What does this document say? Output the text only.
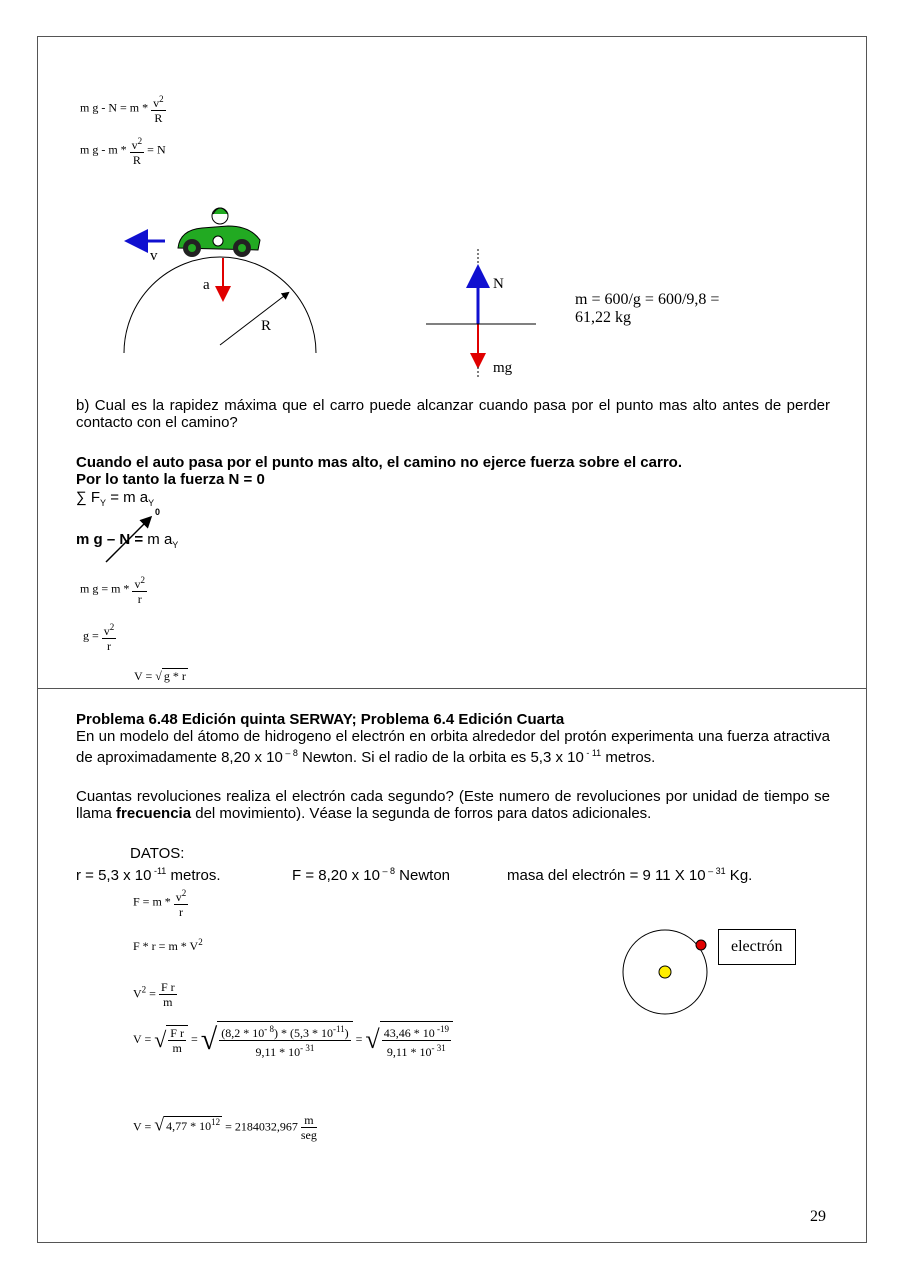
m $g - N = m * \frac{v^2}{R}$
m $g - m * \frac{v^2}{R} = N$
v
a
R
1
N
mg
m = 600/g = 600/9,8 =
61,22 kg
b) Cual es la rapidez máxima que el carro puede alcanzar cuando pasa por el punto mas alto antes de perder contacto con el camino?
Cuando el auto pasa por el punto mas alto, el camino no ejerce fuerza sobre el carro.
Por lo tanto la fuerza N = 0
∑ $F_Y = m$ $a_Y$
0
m g – N = m $a_Y$
m $g = m * \frac{v^2}{r}$
$g = \frac{v^2}{r}$
V = √ g * r
Problema 6.48 Edición quinta SERWAY; Problema 6.4 Edición Cuarta
En un modelo del átomo de hidrogeno el electrón en orbita alrededor del protón experimenta una fuerza atractiva de aproximadamente 8,20 x 10 $^{- 8}$ Newton. Si el radio de la orbita es 5,3 x 10 $^{- 11}$ metros.
Cuantas revoluciones realiza el electrón cada segundo? (Este numero de revoluciones por unidad de tiempo se llama frecuencia del movimiento). Véase la segunda de forros para datos adicionales.
DATOS:
r = 5,3 x 10 $^{-11}$ metros.	F = 8,20 x 10 $^{- 8}$ Newton	masa del electrón = 9 11 X 10 $^{- 31}$ Kg.
$F = m * \frac{v^2}{r}$
$F * r = m * V^2$
$V^2 = \frac{\text{F r}}{m}$
V = √ $\frac{\text{F r}}{m}$ = √ $\frac{(8,2 * 10^{- 8}) * (5,3 * 10^{-11})}{9,11 * 10^{- 31}}$ = √ $\frac{43,46 * 10 ^{-19}}{9,11 * 10^{- 31}}$
V = √ $4,77 * 10^{12} = 2184032,967 \frac{m}{\text{seg}}$
electrón
29
